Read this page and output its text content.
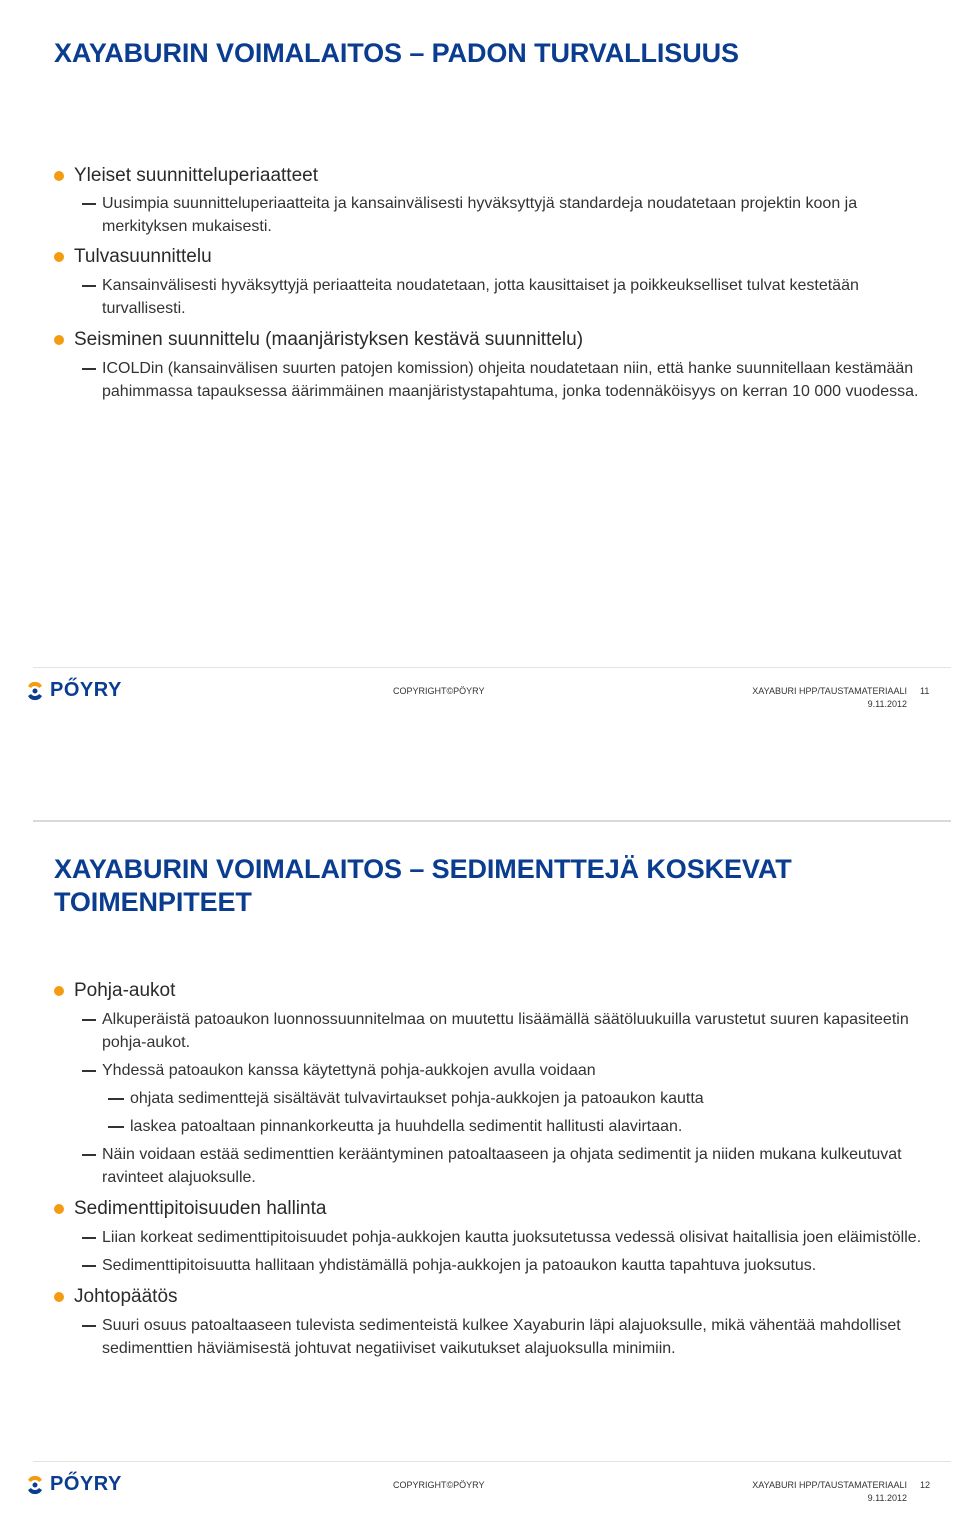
XAYABURIN VOIMALAITOS – PADON TURVALLISUUS
Yleiset suunnitteluperiaatteet
Uusimpia suunnitteluperiaatteita ja kansainvälisesti hyväksyttyjä standardeja noudatetaan projektin koon ja merkityksen mukaisesti.
Tulvasuunnittelu
Kansainvälisesti hyväksyttyjä periaatteita noudatetaan, jotta kausittaiset ja poikkeukselliset tulvat kestetään turvallisesti.
Seisminen suunnittelu (maanjäristyksen kestävä suunnittelu)
ICOLDin (kansainvälisen suurten patojen komission) ohjeita noudatetaan niin, että hanke suunnitellaan kestämään pahimmassa tapauksessa äärimmäinen maanjäristystapahtuma, jonka todennäköisyys on kerran 10 000 vuodessa.
PŐYRY	COPYRIGHT©PÖYRY	XAYABURI HPP/TAUSTAMATERIAALI
9.11.2012
11
XAYABURIN VOIMALAITOS – SEDIMENTTEJÄ KOSKEVAT TOIMENPITEET
Pohja-aukot
Alkuperäistä patoaukon luonnossuunnitelmaa on muutettu lisäämällä säätöluukuilla varustetut suuren kapasiteetin pohja-aukot.
Yhdessä patoaukon kanssa käytettynä pohja-aukkojen avulla voidaan
ohjata sedimenttejä sisältävät tulvavirtaukset pohja-aukkojen ja patoaukon kautta
laskea patoaltaan pinnankorkeutta ja huuhdella sedimentit hallitusti alavirtaan.
Näin voidaan estää sedimenttien kerääntyminen patoaltaaseen ja ohjata sedimentit ja niiden mukana kulkeutuvat ravinteet alajuoksulle.
Sedimenttipitoisuuden hallinta
Liian korkeat sedimenttipitoisuudet pohja-aukkojen kautta juoksutetussa vedessä olisivat haitallisia joen eläimistölle.
Sedimenttipitoisuutta hallitaan yhdistämällä pohja-aukkojen ja patoaukon kautta tapahtuva juoksutus.
Johtopäätös
Suuri osuus patoaltaaseen tulevista sedimenteistä kulkee Xayaburin läpi alajuoksulle, mikä vähentää mahdolliset sedimenttien häviämisestä johtuvat negatiiviset vaikutukset alajuoksulla minimiin.
PŐYRY	COPYRIGHT©PÖYRY	XAYABURI HPP/TAUSTAMATERIAALI
9.11.2012
12
